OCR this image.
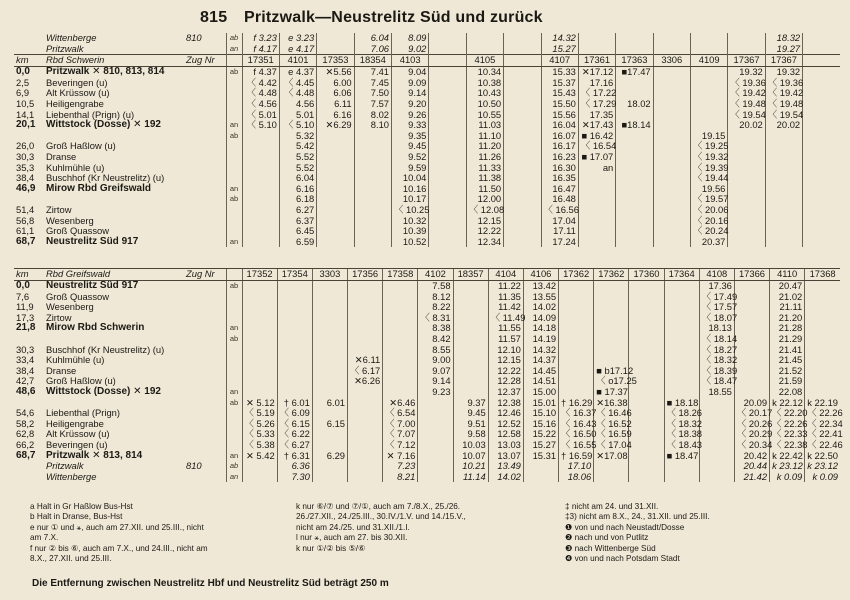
815 Pritzwalk—Neustrelitz Süd und zurück
	Wittenberge	810	ab	f 3.23	e 3.23		6.04	8.09				14.32						18.32	
	Pritzwalk		an	f 4.17	e 4.17		7.06	9.02				15.27						19.27	
km	Rbd Schwerin	Zug Nr		17351	4101	17353	18354	4103		4105		4107	17361	17363	3306	4109	17367	17367	
0,0	Pritzwalk ✕ 810, 813, 814		ab	f 4.37	e 4.37	✕5.56	7.41	9.04		10.34		15.33	✕17.12	■17.47			19.32	19.32	
2,5	Beveringen (u)			〈 4.42	〈 4.45	6.00	7.45	9.09		10.38		15.37	17.16				〈 19.36	〈 19.36	
6,9	Alt Krüssow (u)			〈 4.48	〈 4.48	6.06	7.50	9.14		10.43		15.43	〈 17.22				〈 19.42	〈 19.42	
10,5	Heiligengrabe			〈 4.56	4.56	6.11	7.57	9.20		10.50		15.50	〈 17.29	18.02			〈 19.48	〈 19.48	
14,1	Liebenthal (Prign) (u)			〈 5.01	5.01	6.16	8.02	9.26		10.55		15.56	17.35				〈 19.54	〈 19.54	
20,1	Wittstock (Dosse) ✕ 192		an	〈 5.10	〈 5.10	✕6.29	8.10	9.33		11.03		16.04	✕17.43	■18.14			20.02	20.02	
			ab		5.32			9.35		11.10		16.07	■ 16.42			19.15			
26,0	Groß Haßlow (u)				5.42			9.45		11.20		16.17	〈 16.54			〈 19.25			
30,3	Dranse				5.52			9.52		11.26		16.23	■ 17.07			〈 19.32			
35,3	Kuhlmühle (u)				5.52			9.59		11.33		16.30	an			〈 19.39			
38,4	Buschhof (Kr Neustrelitz) (u)				6.04			10.04		11.38		16.35				〈 19.44			
46,9	Mirow Rbd Greifswald		an		6.16			10.16		11.50		16.47				19.56			
			ab		6.18			10.17		12.00		16.48				〈 19.57			
51,4	Zirtow				6.27			〈 10.25		〈 12.08		〈 16.56				〈 20.06			
56,8	Wesenberg				6.37			10.32		12.15		17.04				〈 20.16			
61,1	Groß Quassow				6.45			10.39		12.22		17.11				〈 20.24			
68,7	Neustrelitz Süd 917		an		6.59			10.52		12.34		17.24				20.37			
km	Rbd Greifswald	Zug Nr		17352	17354	3303	17356	17358	4102	18357	4104	4106	17362	17362	17360	17364	4108	17366	4110	17368
0,0	Neustrelitz Süd 917		ab						7.58		11.22	13.42					17.36		20.47	
7,6	Groß Quassow								8.12		11.35	13.55					〈 17.49		21.02	
11,9	Wesenberg								8.22		11.42	14.02					〈 17.57		21.11	
17,3	Zirtow								〈 8.31		〈 11.49	14.09					〈 18.07		21.20	
21,8	Mirow Rbd Schwerin		an						8.38		11.55	14.18					18.13		21.28	
			ab						8.42		11.57	14.19					〈 18.14		21.29	
30,3	Buschhof (Kr Neustrelitz) (u)								8.55		12.10	14.32					〈 18.27		21.41	
33,4	Kuhlmühle (u)						✕6.11		9.00		12.15	14.37					〈 18.32		21.45	
38,4	Dranse						〈 6.17		9.07		12.22	14.45		■ b17.12			〈 18.39		21.52	
42,7	Groß Haßlow (u)						✕6.26		9.14		12.28	14.51		〈 o17.25			〈 18.47		21.59	
48,6	Wittstock (Dosse) ✕ 192		an						9.23		12.37	15.00		■ 17.37			18.55		22.08	
			ab	✕ 5.12	† 6.01	6.01		✕6.46		9.37	12.38	15.01	† 16.29	✕16.38		■ 18.18		20.09	k 22.12	k 22.19
54,6	Liebenthal (Prign)			〈 5.19	〈 6.09			〈 6.54		9.45	12.46	15.10	〈 16.37	〈 16.46		〈 18.26		〈 20.17	〈 22.20	〈 22.26
58,2	Heiligengrabe			〈 5.26	〈 6.15	6.15		〈 7.00		9.51	12.52	15.16	〈 16.43	〈 16.52		〈 18.32		〈 20.26	〈 22.26	〈 22.34
62,8	Alt Krüssow (u)			〈 5.33	〈 6.22			〈 7.07		9.58	12.58	15.22	〈 16.50	〈 16.59		〈 18.38		〈 20.29	〈 22.33	〈 22.41
66,2	Beveringen (u)			〈 5.38	〈 6.27			〈 7.12		10.03	13.03	15.27	〈 16.55	〈 17.04		〈 18.43		〈 20.34	〈 22.38	〈 22.46
68,7	Pritzwalk ✕ 813, 814		an	✕ 5.42	† 6.31	6.29		✕ 7.16		10.07	13.07	15.31	† 16.59	✕17.08		■ 18.47		20.42	k 22.42	k 22.50
	Pritzwalk	810	ab		6.36			7.23		10.21	13.49		17.10					20.44	k 23.12	k 23.12
	Wittenberge		an		7.30			8.21		11.14	14.02		18.06					21.42	k 0.09	k 0.09
a Halt in Gr Haßlow Bus-Hst
b Halt in Dranse, Bus-Hst
e nur ① und ⚹, auch am 27.XII. und 25.III., nicht
am 7.X.
f nur ② bis ⑥, auch am 7.X., und 24.III., nicht am
8.X., 27.XII. und 25.III.
k nur ⑥/⑦ und ⑦/①, auch am 7./8.X., 25./26.
26./27.XII., 24./25.III., 30.IV./1.V. und 14./15.V.,
nicht am 24./25. und 31.XII./1.I.
l nur ⚹, auch am 27. bis 30.XII.
k nur ①/② bis ⑤/⑥
‡ nicht am 24. und 31.XII.
‡3) nicht am 8.X., 24., 31.XII. und 25.III.
❶ von und nach Neustadt/Dosse
❷ nach und von Putlitz
❸ nach Wittenberge Süd
❹ von und nach Potsdam Stadt
Die Entfernung zwischen Neustrelitz Hbf und Neustrelitz Süd beträgt 250 m
